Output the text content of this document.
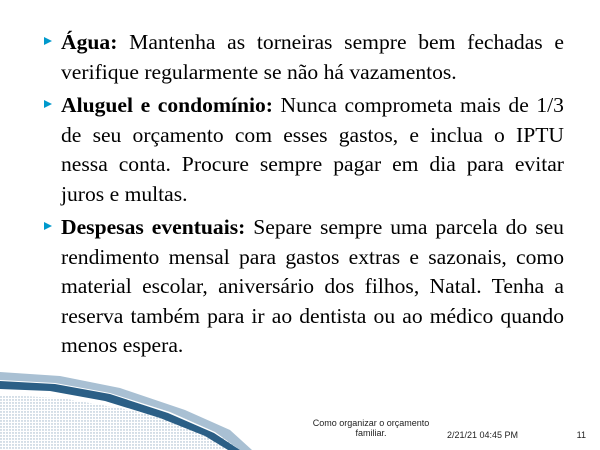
Água: Mantenha as torneiras sempre bem fechadas e verifique regularmente se não há vazamentos.
Aluguel e condomínio: Nunca comprometa mais de 1/3 de seu orçamento com esses gastos, e inclua o IPTU nessa conta. Procure sempre pagar em dia para evitar juros e multas.
Despesas eventuais: Separe sempre uma parcela do seu rendimento mensal para gastos extras e sazonais, como material escolar, aniversário dos filhos, Natal. Tenha a reserva também para ir ao dentista ou ao médico quando menos espera.
Como organizar o orçamento familiar.	2/21/21 04:45 PM	11
